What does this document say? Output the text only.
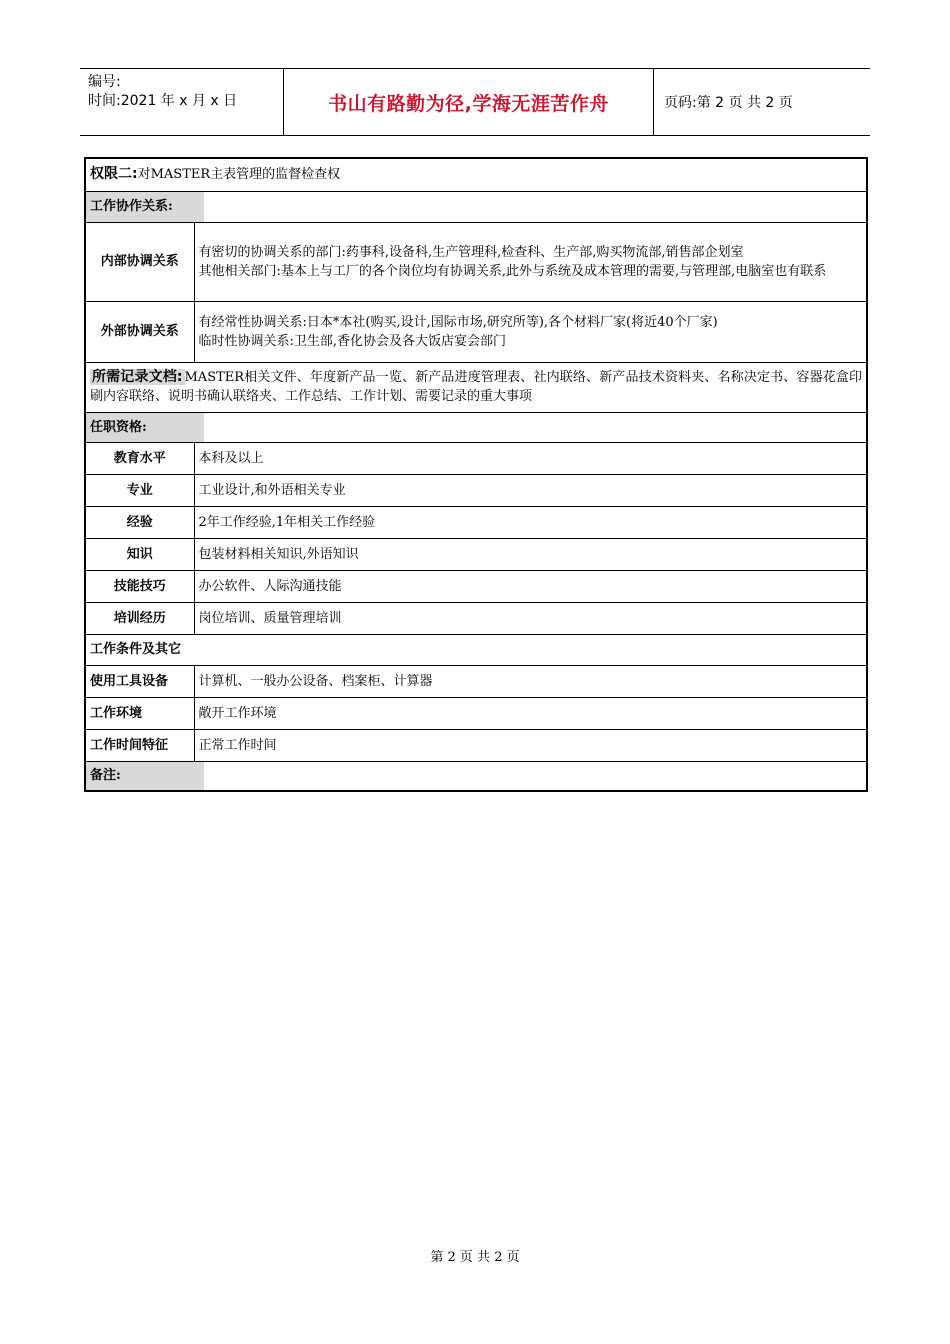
编号:
时间:2021 年 x 月 x 日	书山有路勤为径,学海无涯苦作舟	页码:第 2 页 共 2 页
权限二:对MASTER主表管理的监督检查权	
工作协作关系:	
内部协调关系	有密切的协调关系的部门:药事科,设备科,生产管理科,检查科、生产部,购买物流部,销售部企划室
其他相关部门:基本上与工厂的各个岗位均有协调关系,此外与系统及成本管理的需要,与管理部,电脑室也有联系

外部协调关系	有经常性协调关系:日本*本社(购买,设计,国际市场,研究所等),各个材料厂家(将近40个厂家)
临时性协调关系:卫生部,香化协会及各大饭店宴会部门

所需记录文档: MASTER相关文件、年度新产品一览、新产品进度管理表、社内联络、新产品技术资料夹、名称决定书、容器花盒印刷内容联络、说明书确认联络夹、工作总结、工作计划、需要记录的重大事项	
任职资格:	
教育水平	本科及以上
专业	工业设计,和外语相关专业
经验	2年工作经验,1年相关工作经验
知识	包装材料相关知识,外语知识
技能技巧	办公软件、人际沟通技能
培训经历	岗位培训、质量管理培训
工作条件及其它	
使用工具设备	计算机、一般办公设备、档案柜、计算器
工作环境	敞开工作环境
工作时间特征	正常工作时间
备注:	
第 2 页 共 2 页
